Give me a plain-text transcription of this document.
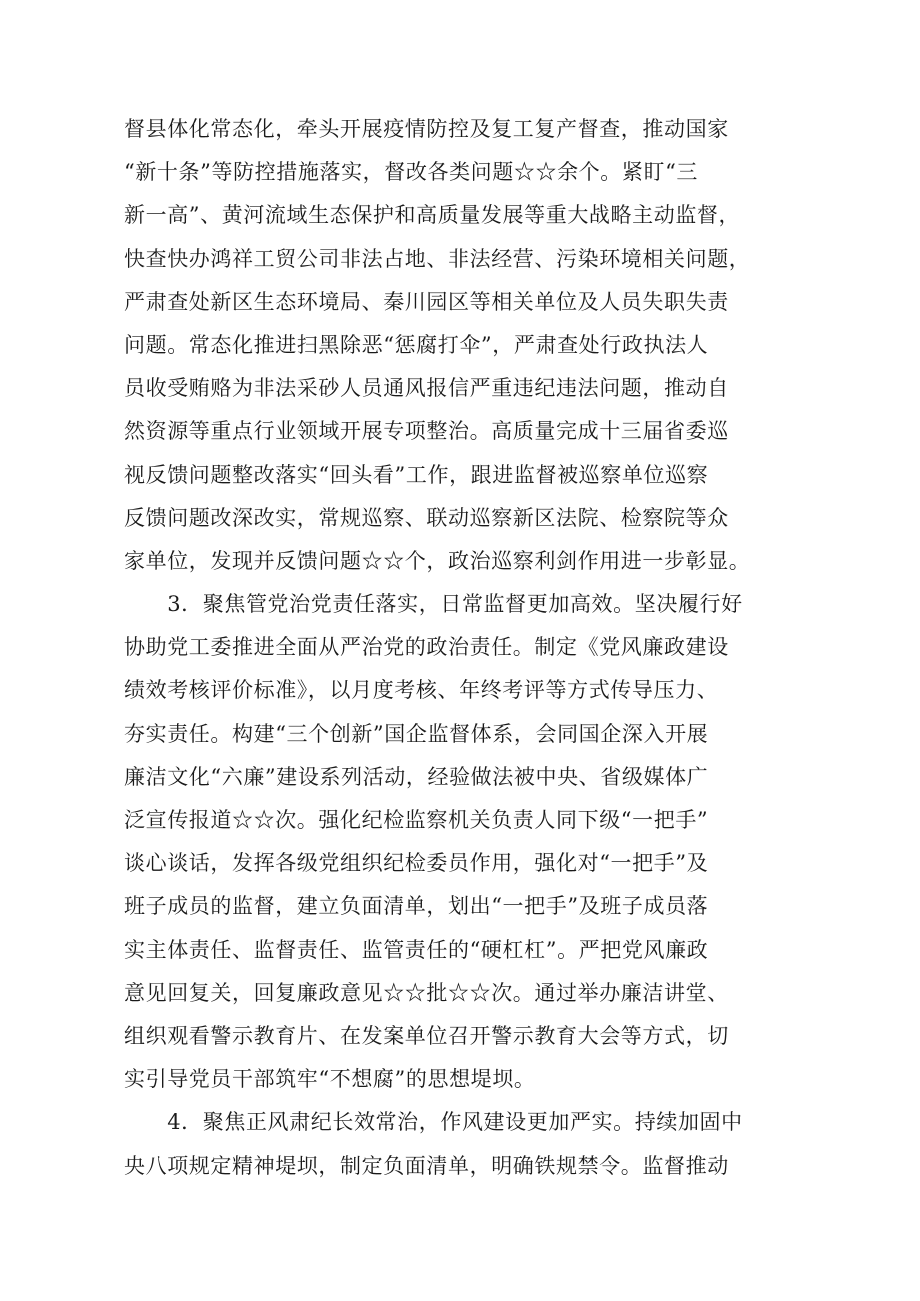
督县体化常态化，牵头开展疫情防控及复工复产督查，推动国家
“新十条”等防控措施落实，督改各类问题☆☆余个。紧盯“三
新一高”、黄河流域生态保护和高质量发展等重大战略主动监督，
快查快办鸿祥工贸公司非法占地、非法经营、污染环境相关问题，
严肃查处新区生态环境局、秦川园区等相关单位及人员失职失责
问题。常态化推进扫黑除恶“惩腐打伞”，严肃查处行政执法人
员收受贿赂为非法采砂人员通风报信严重违纪违法问题，推动自
然资源等重点行业领域开展专项整治。高质量完成十三届省委巡
视反馈问题整改落实“回头看”工作，跟进监督被巡察单位巡察
反馈问题改深改实，常规巡察、联动巡察新区法院、检察院等众
家单位，发现并反馈问题☆☆个，政治巡察利剑作用进一步彰显。
　　3．聚焦管党治党责任落实，日常监督更加高效。坚决履行好
协助党工委推进全面从严治党的政治责任。制定《党风廉政建设
绩效考核评价标准》，以月度考核、年终考评等方式传导压力、
夯实责任。构建“三个创新”国企监督体系，会同国企深入开展
廉洁文化“六廉”建设系列活动，经验做法被中央、省级媒体广
泛宣传报道☆☆次。强化纪检监察机关负责人同下级“一把手”
谈心谈话，发挥各级党组织纪检委员作用，强化对“一把手”及
班子成员的监督，建立负面清单，划出“一把手”及班子成员落
实主体责任、监督责任、监管责任的“硬杠杠”。严把党风廉政
意见回复关，回复廉政意见☆☆批☆☆次。通过举办廉洁讲堂、
组织观看警示教育片、在发案单位召开警示教育大会等方式，切
实引导党员干部筑牢“不想腐”的思想堤坝。
　　4．聚焦正风肃纪长效常治，作风建设更加严实。持续加固中
央八项规定精神堤坝，制定负面清单，明确铁规禁令。监督推动
